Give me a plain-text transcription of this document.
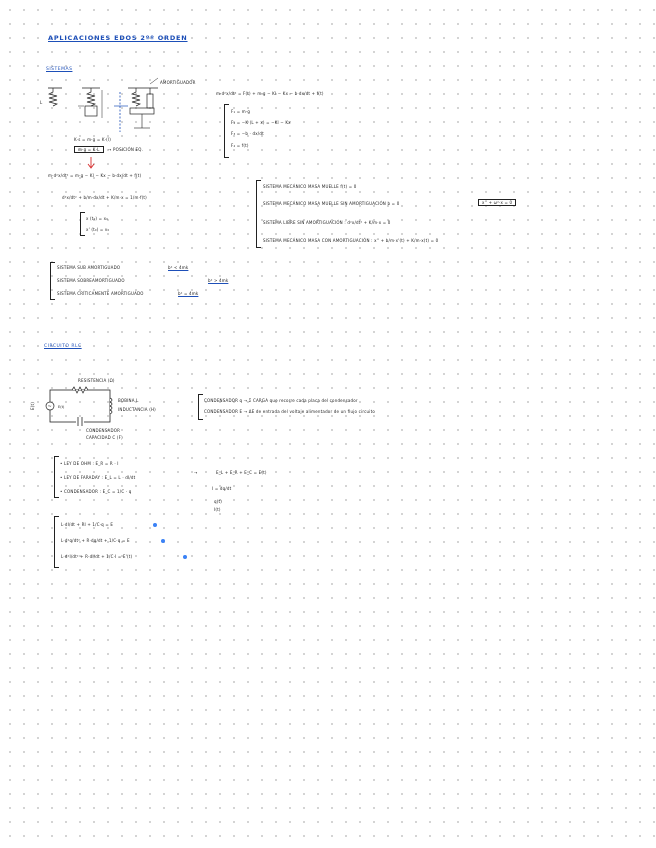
APLICACIONES EDOS 2ºº ORDEN
SISTEMAS
L
AMORTIGUADOR
K·s = m·g = K·(l)
m·g = K·L	→ POSICIÓN EQ.
m·d²x/dt² = F(t) + m·g − Kl − Kx − b·dx/dt + f(t)
F₁ = m·g
F₂ = −K (L + x) = −Kl − Kx
F₃ = −b · dx/dt
F₄ = f(t)
m·d²x/dt² = m·g − Kl − Kx − b·dx/dt + f(t)
d²x/dt² + b/m·dx/dt + K/m·x = 1/m·f(t)
x (t₀) = x₀
x' (t₀) = v₀
SISTEMA MECÁNICO MASA MUELLE f(t) = 0
SISTEMA MECÁNICO MASA MUELLE SIN AMORTIGUACIÓN b = 0	x'' + ω²·x = 0
SISTEMA LIBRE SIN AMORTIGUACIÓN : d²x/dt² + K/m·x = 0
SISTEMA MECÁNICO MASA CON AMORTIGUACIÓN : x'' + b/m·x'(t) + K/m·x(t) = 0
SISTEMA SUB AMORTIGUADO	b² < 4mk
SISTEMA SOBREAMORTIGUADO	b² > 4mk
SISTEMA CRÍTICAMENTE AMORTIGUADO	b² = 4mk
CIRCUITO RLC
RESISTENCIA (Ω)
~ E(t)
E(t)
BOBINA L
INDUCTANCIA (H)
CONDENSADOR
CAPACIDAD C (F)
CONDENSADOR q → Σ CARGA que recorre cada placa del condensador
CONDENSADOR E → ΔE de entrada del voltaje alimentador de un flujo circuito
• LEY DE OHM : E_R = R · I
• LEY DE FARADAY : E_L = L · dI/dt
• CONDENSADOR : E_C = 1/C · q
→	E_L + E_R + E_C = E(t)
I = dq/dt
q(t)
I(t)
L·dI/dt + RI + 1/C·q = E
L·d²q/dt² + R·dq/dt + 1/C·q = E
L·d²I/dt² + R·dI/dt + 1/C·I = E'(t)
